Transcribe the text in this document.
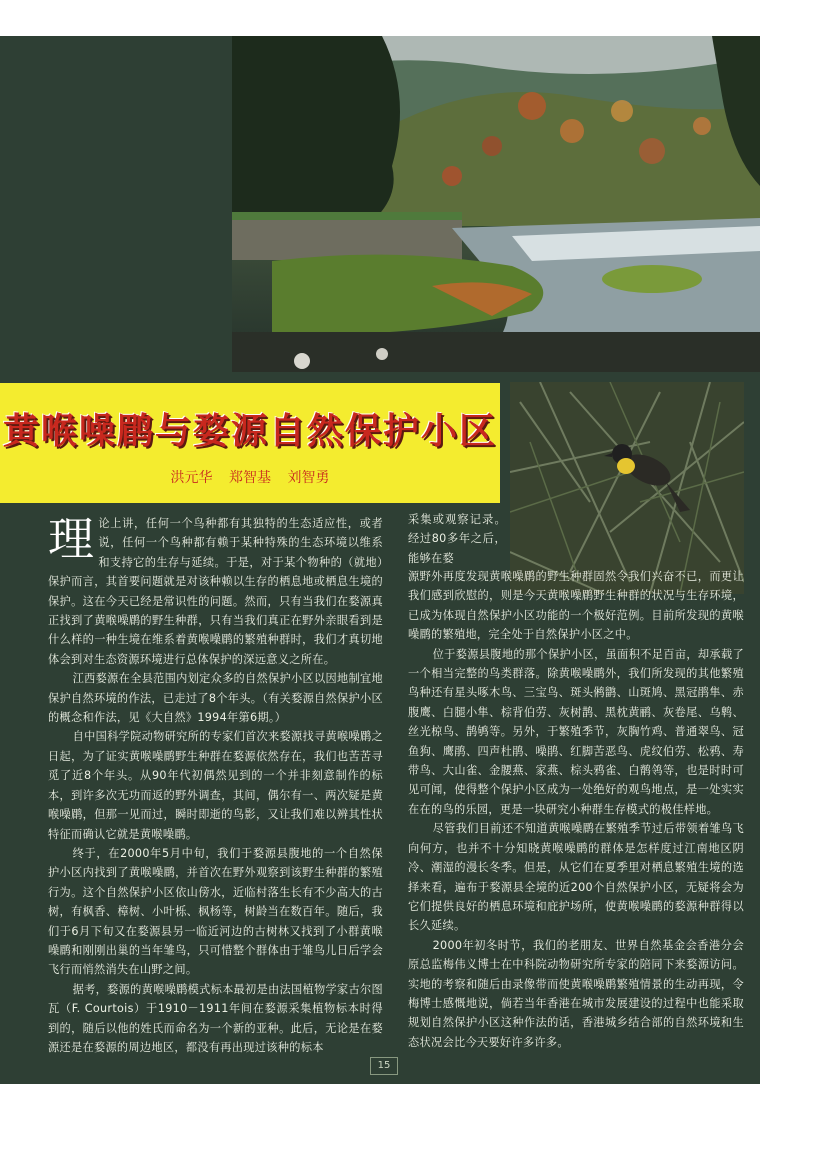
黄喉噪鹛与婺源自然保护小区
洪元华 郑智基 刘智勇

理论上讲，任何一个鸟种都有其独特的生态适应性，或者说，任何一个鸟种都有赖于某种特殊的生态环境以维系和支持它的生存与延续。于是，对于某个物种的（就地）保护而言，其首要问题就是对该种赖以生存的栖息地或栖息生境的保护。这在今天已经是常识性的问题。然而，只有当我们在婺源真正找到了黄喉噪鹛的野生种群，只有当我们真正在野外亲眼看到是什么样的一种生境在维系着黄喉噪鹛的繁殖种群时，我们才真切地体会到对生态资源环境进行总体保护的深远意义之所在。

江西婺源在全县范围内划定众多的自然保护小区以因地制宜地保护自然环境的作法，已走过了8个年头。（有关婺源自然保护小区的概念和作法，见《大自然》1994年第6期。）

自中国科学院动物研究所的专家们首次来婺源找寻黄喉噪鹛之日起，为了证实黄喉噪鹛野生种群在婺源依然存在，我们也苦苦寻觅了近8个年头。从90年代初偶然见到的一个并非刻意制作的标本，到许多次无功而返的野外调查，其间，偶尔有一、两次疑是黄喉噪鹛，但那一见而过，瞬时即逝的鸟影，又让我们难以辨其性状特征而确认它就是黄喉噪鹛。

终于，在2000年5月中旬，我们于婺源县腹地的一个自然保护小区内找到了黄喉噪鹛，并首次在野外观察到该野生种群的繁殖行为。这个自然保护小区依山傍水，近临村落生长有不少高大的古树，有枫香、樟树、小叶栎、枫杨等，树龄当在数百年。随后，我们于6月下旬又在婺源县另一临近河边的古树林又找到了小群黄喉噪鹛和刚刚出巢的当年雏鸟，只可惜整个群体由于雏鸟儿日后学会飞行而悄然消失在山野之间。

据考，婺源的黄喉噪鹛模式标本最初是由法国植物学家古尔图瓦（F. Courtois）于1910－1911年间在婺源采集植物标本时得到的，随后以他的姓氏而命名为一个新的亚种。此后，无论是在婺源还是在婺源的周边地区，都没有再出现过该种的标本

采集或观察记录。经过80多年之后，能够在婺

源野外再度发现黄喉噪鹛的野生种群固然令我们兴奋不已，而更让我们感到欣慰的，则是今天黄喉噪鹛野生种群的状况与生存环境，已成为体现自然保护小区功能的一个极好范例。目前所发现的黄喉噪鹛的繁殖地，完全处于自然保护小区之中。

位于婺源县腹地的那个保护小区，虽面积不足百亩，却承载了一个相当完整的鸟类群落。除黄喉噪鹛外，我们所发现的其他繁殖鸟种还有星头啄木鸟、三宝鸟、斑头鸺鹠、山斑鸠、黑冠鹃隼、赤腹鹰、白腿小隼、棕背伯劳、灰树鹊、黑枕黄鹂、灰卷尾、乌鹎、丝光椋鸟、鹊鸲等。另外，于繁殖季节，灰胸竹鸡、普通翠鸟、冠鱼狗、鹰鹃、四声杜鹃、噪鹃、红脚苦恶鸟、虎纹伯劳、松鸦、寿带鸟、大山雀、金腰燕、家燕、棕头鸦雀、白鹡鸰等，也是时时可见可闻，使得整个保护小区成为一处绝好的观鸟地点，是一处实实在在的鸟的乐园，更是一块研究小种群生存模式的极佳样地。

尽管我们目前还不知道黄喉噪鹛在繁殖季节过后带领着雏鸟飞向何方，也并不十分知晓黄喉噪鹛的群体是怎样度过江南地区阴冷、潮湿的漫长冬季。但是，从它们在夏季里对栖息繁殖生境的选择来看，遍布于婺源县全境的近200个自然保护小区，无疑将会为它们提供良好的栖息环境和庇护场所，使黄喉噪鹛的婺源种群得以长久延续。

2000年初冬时节，我们的老朋友、世界自然基金会香港分会原总监梅伟义博士在中科院动物研究所专家的陪同下来婺源访问。实地的考察和随后由录像带而使黄喉噪鹛繁殖情景的生动再现，令梅博士感慨地说，倘若当年香港在城市发展建设的过程中也能采取规划自然保护小区这种作法的话，香港城乡结合部的自然环境和生态状况会比今天要好许多许多。

15
